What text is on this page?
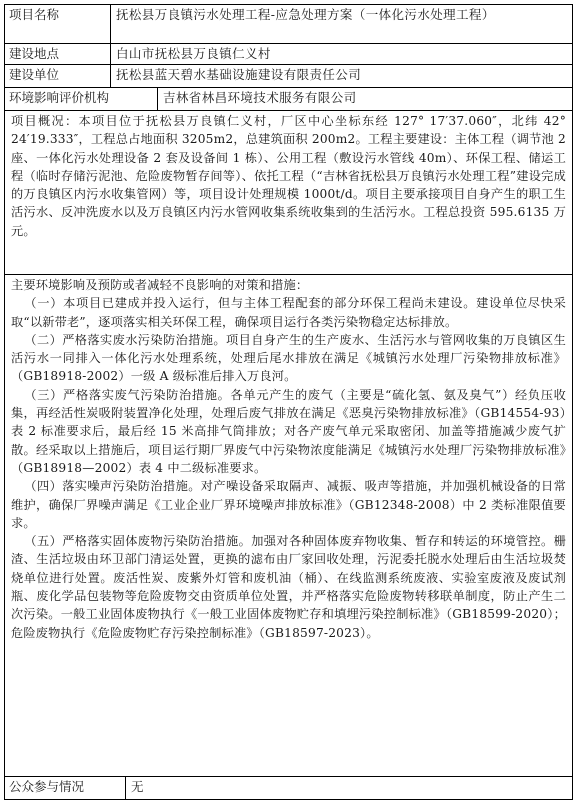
项目名称	抚松县万良镇污水处理工程-应急处理方案（一体化污水处理工程）
建设地点	白山市抚松县万良镇仁义村
建设单位	抚松县蓝天碧水基础设施建设有限责任公司
环境影响评价机构	吉林省林昌环境技术服务有限公司

项目概况：本项目位于抚松县万良镇仁义村，厂区中心坐标东经 127° 17′37.060″，北纬 42° 24′19.333″，工程总占地面积 3205m2，总建筑面积 200m2。工程主要建设：主体工程（调节池 2 座、一体化污水处理设备 2 套及设备间 1 栋）、公用工程（敷设污水管线 40m）、环保工程、储运工程（临时存储污泥池、危险废物暂存间等）、依托工程（“吉林省抚松县万良镇污水处理工程”建设完成的万良镇区内污水收集管网）等，项目设计处理规模 1000t/d。项目主要承接项目自身产生的职工生活污水、反冲洗废水以及万良镇区内污水管网收集系统收集到的生活污水。工程总投资 595.6135 万元。

主要环境影响及预防或者减轻不良影响的对策和措施：

（一）本项目已建成并投入运行，但与主体工程配套的部分环保工程尚未建设。建设单位尽快采取“以新带老”，逐项落实相关环保工程，确保项目运行各类污染物稳定达标排放。

（二）严格落实废水污染防治措施。项目自身产生的生产废水、生活污水与管网收集的万良镇区生活污水一同排入一体化污水处理系统，处理后尾水排放在满足《城镇污水处理厂污染物排放标准》（GB18918-2002）一级 A 级标准后排入万良河。

（三）严格落实废气污染防治措施。各单元产生的废气（主要是“硫化氢、氨及臭气”）经负压收集，再经活性炭吸附装置净化处理，处理后废气排放在满足《恶臭污染物排放标准》（GB14554-93）表 2 标准要求后，最后经 15 米高排气筒排放；对各产废气单元采取密闭、加盖等措施减少废气扩散。经采取以上措施后，项目运行期厂界废气中污染物浓度能满足《城镇污水处理厂污染物排放标准》（GB18918—2002）表 4 中二级标准要求。

（四）落实噪声污染防治措施。对产噪设备采取隔声、减振、吸声等措施，并加强机械设备的日常维护，确保厂界噪声满足《工业企业厂界环境噪声排放标准》（GB12348-2008）中 2 类标准限值要求。

（五）严格落实固体废物污染防治措施。加强对各种固体废弃物收集、暂存和转运的环境管控。栅渣、生活垃圾由环卫部门清运处置，更换的滤布由厂家回收处理，污泥委托脱水处理后由生活垃圾焚烧单位进行处置。废活性炭、废紫外灯管和废机油（桶）、在线监测系统废液、实验室废液及废试剂瓶、废化学品包装物等危险废物交由资质单位处置，并严格落实危险废物转移联单制度，防止产生二次污染。一般工业固体废物执行《一般工业固体废物贮存和填埋污染控制标准》（GB18599-2020）；危险废物执行《危险废物贮存污染控制标准》（GB18597-2023）。

公众参与情况	无
